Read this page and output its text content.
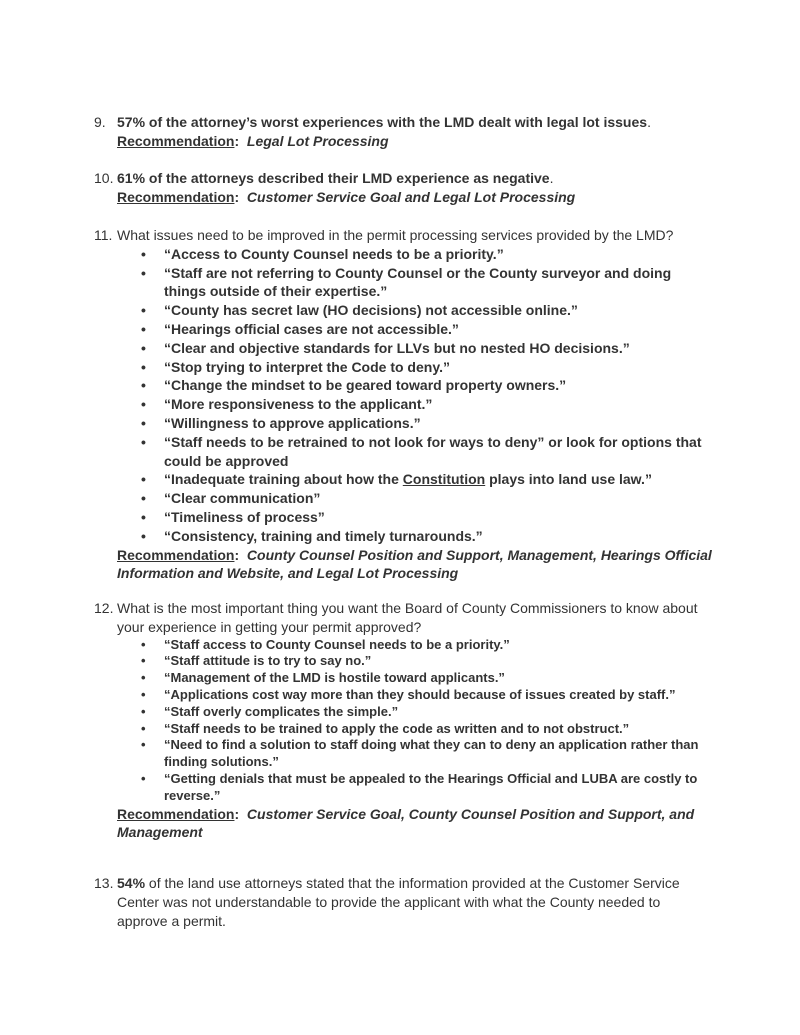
9. 57% of the attorney’s worst experiences with the LMD dealt with legal lot issues.
Recommendation: Legal Lot Processing
10. 61% of the attorneys described their LMD experience as negative.
Recommendation: Customer Service Goal and Legal Lot Processing
11. What issues need to be improved in the permit processing services provided by the LMD?
• “Access to County Counsel needs to be a priority.”
• “Staff are not referring to County Counsel or the County surveyor and doing things outside of their expertise.”
• “County has secret law (HO decisions) not accessible online.”
• “Hearings official cases are not accessible.”
• “Clear and objective standards for LLVs but no nested HO decisions.”
• “Stop trying to interpret the Code to deny.”
• “Change the mindset to be geared toward property owners.”
• “More responsiveness to the applicant.”
• “Willingness to approve applications.”
• “Staff needs to be retrained to not look for ways to deny” or look for options that could be approved
• “Inadequate training about how the Constitution plays into land use law.”
• “Clear communication”
• “Timeliness of process”
• “Consistency, training and timely turnarounds.”
Recommendation: County Counsel Position and Support, Management, Hearings Official Information and Website, and Legal Lot Processing
12. What is the most important thing you want the Board of County Commissioners to know about your experience in getting your permit approved?
• “Staff access to County Counsel needs to be a priority.”
• “Staff attitude is to try to say no.”
• “Management of the LMD is hostile toward applicants.”
• “Applications cost way more than they should because of issues created by staff.”
• “Staff overly complicates the simple.”
• “Staff needs to be trained to apply the code as written and to not obstruct.”
• “Need to find a solution to staff doing what they can to deny an application rather than finding solutions.”
• “Getting denials that must be appealed to the Hearings Official and LUBA are costly to reverse.”
Recommendation: Customer Service Goal, County Counsel Position and Support, and Management
13. 54% of the land use attorneys stated that the information provided at the Customer Service Center was not understandable to provide the applicant with what the County needed to approve a permit.
